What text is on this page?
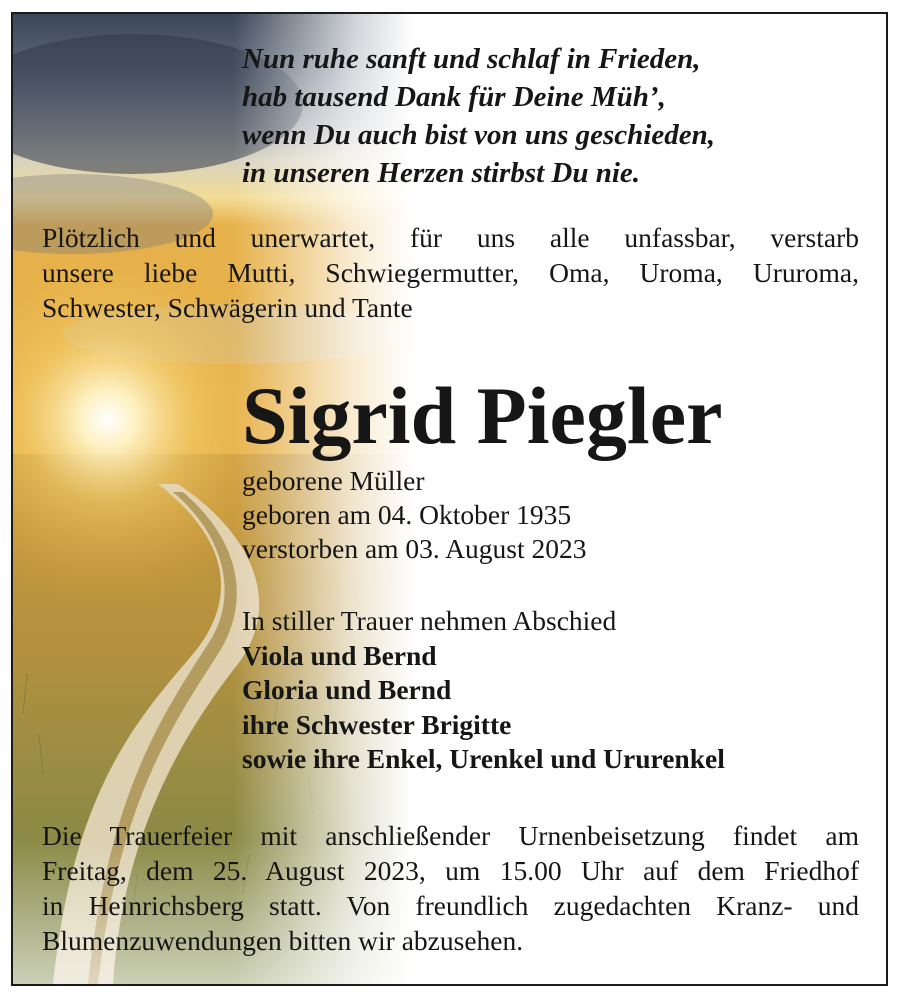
Nun ruhe sanft und schlaf in Frieden,
hab tausend Dank für Deine Müh’,
wenn Du auch bist von uns geschieden,
in unseren Herzen stirbst Du nie.
Plötzlich und unerwartet, für uns alle unfassbar, verstarb
unsere liebe Mutti, Schwiegermutter, Oma, Uroma, Ururoma,
Schwester, Schwägerin und Tante
Sigrid Piegler
geborene Müller
geboren am 04. Oktober 1935
verstorben am 03. August 2023
In stiller Trauer nehmen Abschied
Viola und Bernd
Gloria und Bernd
ihre Schwester Brigitte
sowie ihre Enkel, Urenkel und Ururenkel
Die Trauerfeier mit anschließender Urnenbeisetzung findet am
Freitag, dem 25. August 2023, um 15.00 Uhr auf dem Friedhof
in Heinrichsberg statt. Von freundlich zugedachten Kranz- und
Blumenzuwendungen bitten wir abzusehen.
